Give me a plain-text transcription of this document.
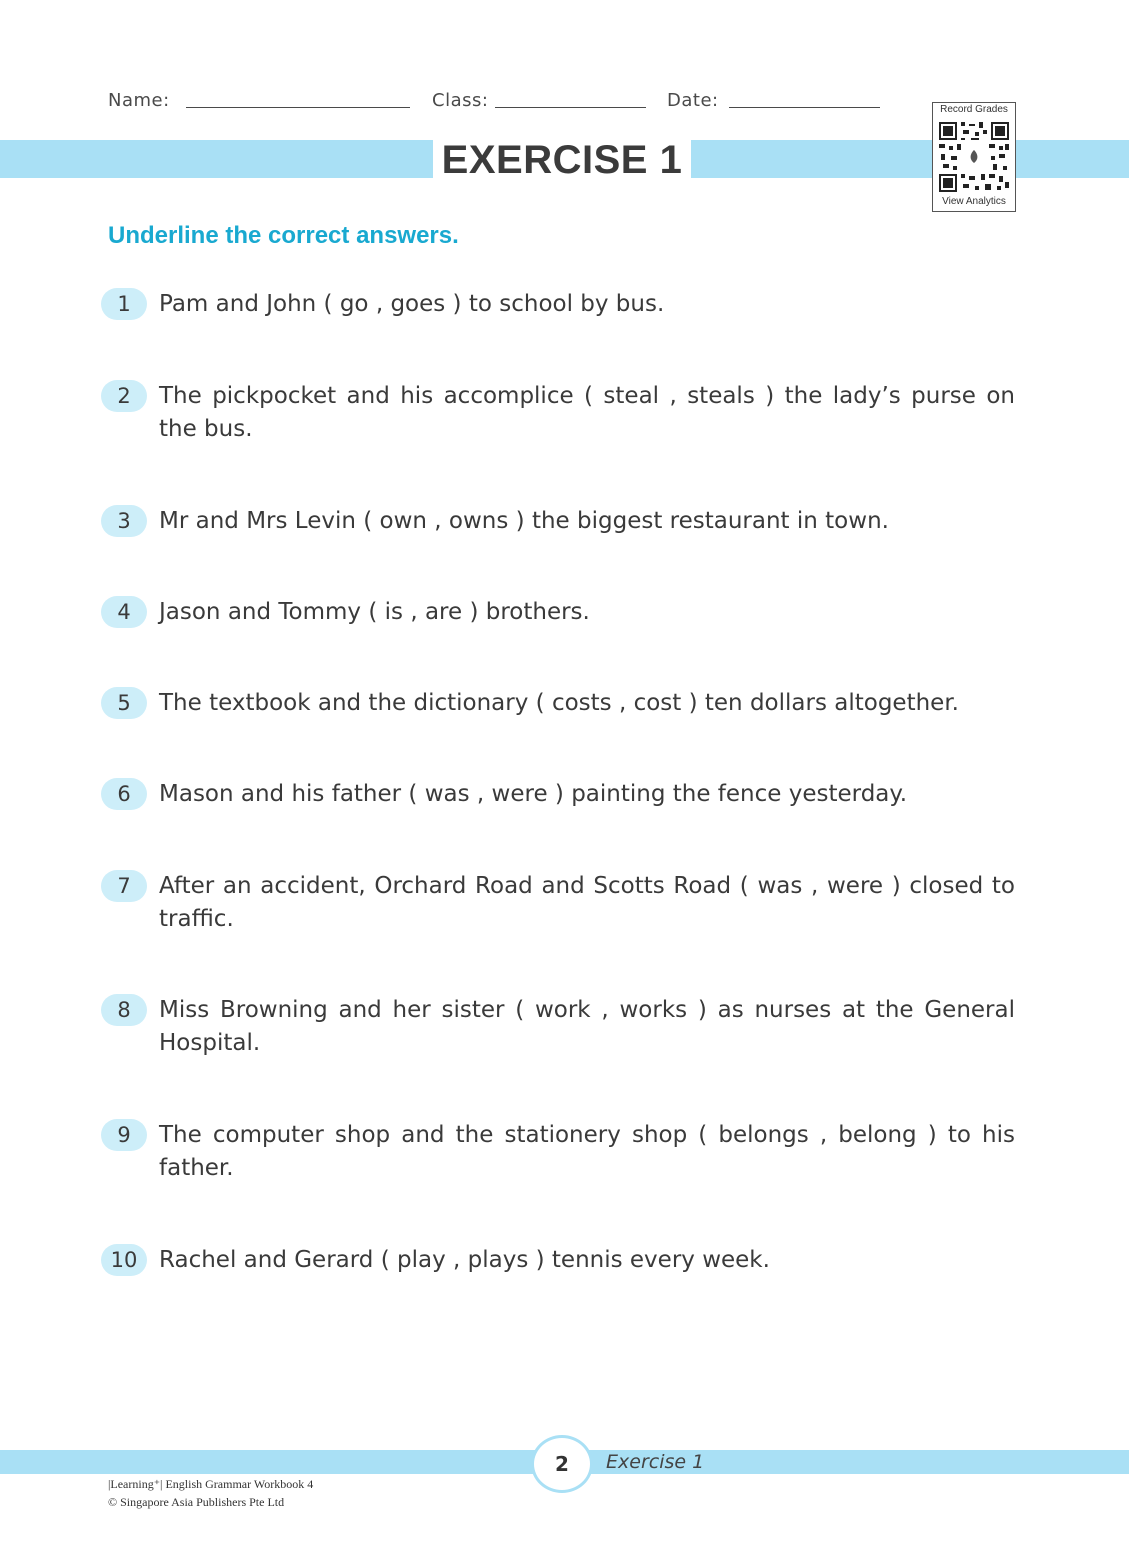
Name:	Class:	Date:
EXERCISE 1
Record Grades
View Analytics
Underline the correct answers.
1	Pam and John ( go , goes ) to school by bus.
2	The pickpocket and his accomplice ( steal , steals ) the lady’s purse on the bus.
3	Mr and Mrs Levin ( own , owns ) the biggest restaurant in town.
4	Jason and Tommy ( is , are ) brothers.
5	The textbook and the dictionary ( costs , cost ) ten dollars altogether.
6	Mason and his father ( was , were ) painting the fence yesterday.
7	After an accident, Orchard Road and Scotts Road ( was , were ) closed to traffic.
8	Miss Browning and her sister ( work , works ) as nurses at the General Hospital.
9	The computer shop and the stationery shop ( belongs , belong ) to his father.
10 Rachel and Gerard ( play , plays ) tennis every week.
2	Exercise 1
|Learning⁺| English Grammar Workbook 4
© Singapore Asia Publishers Pte Ltd
